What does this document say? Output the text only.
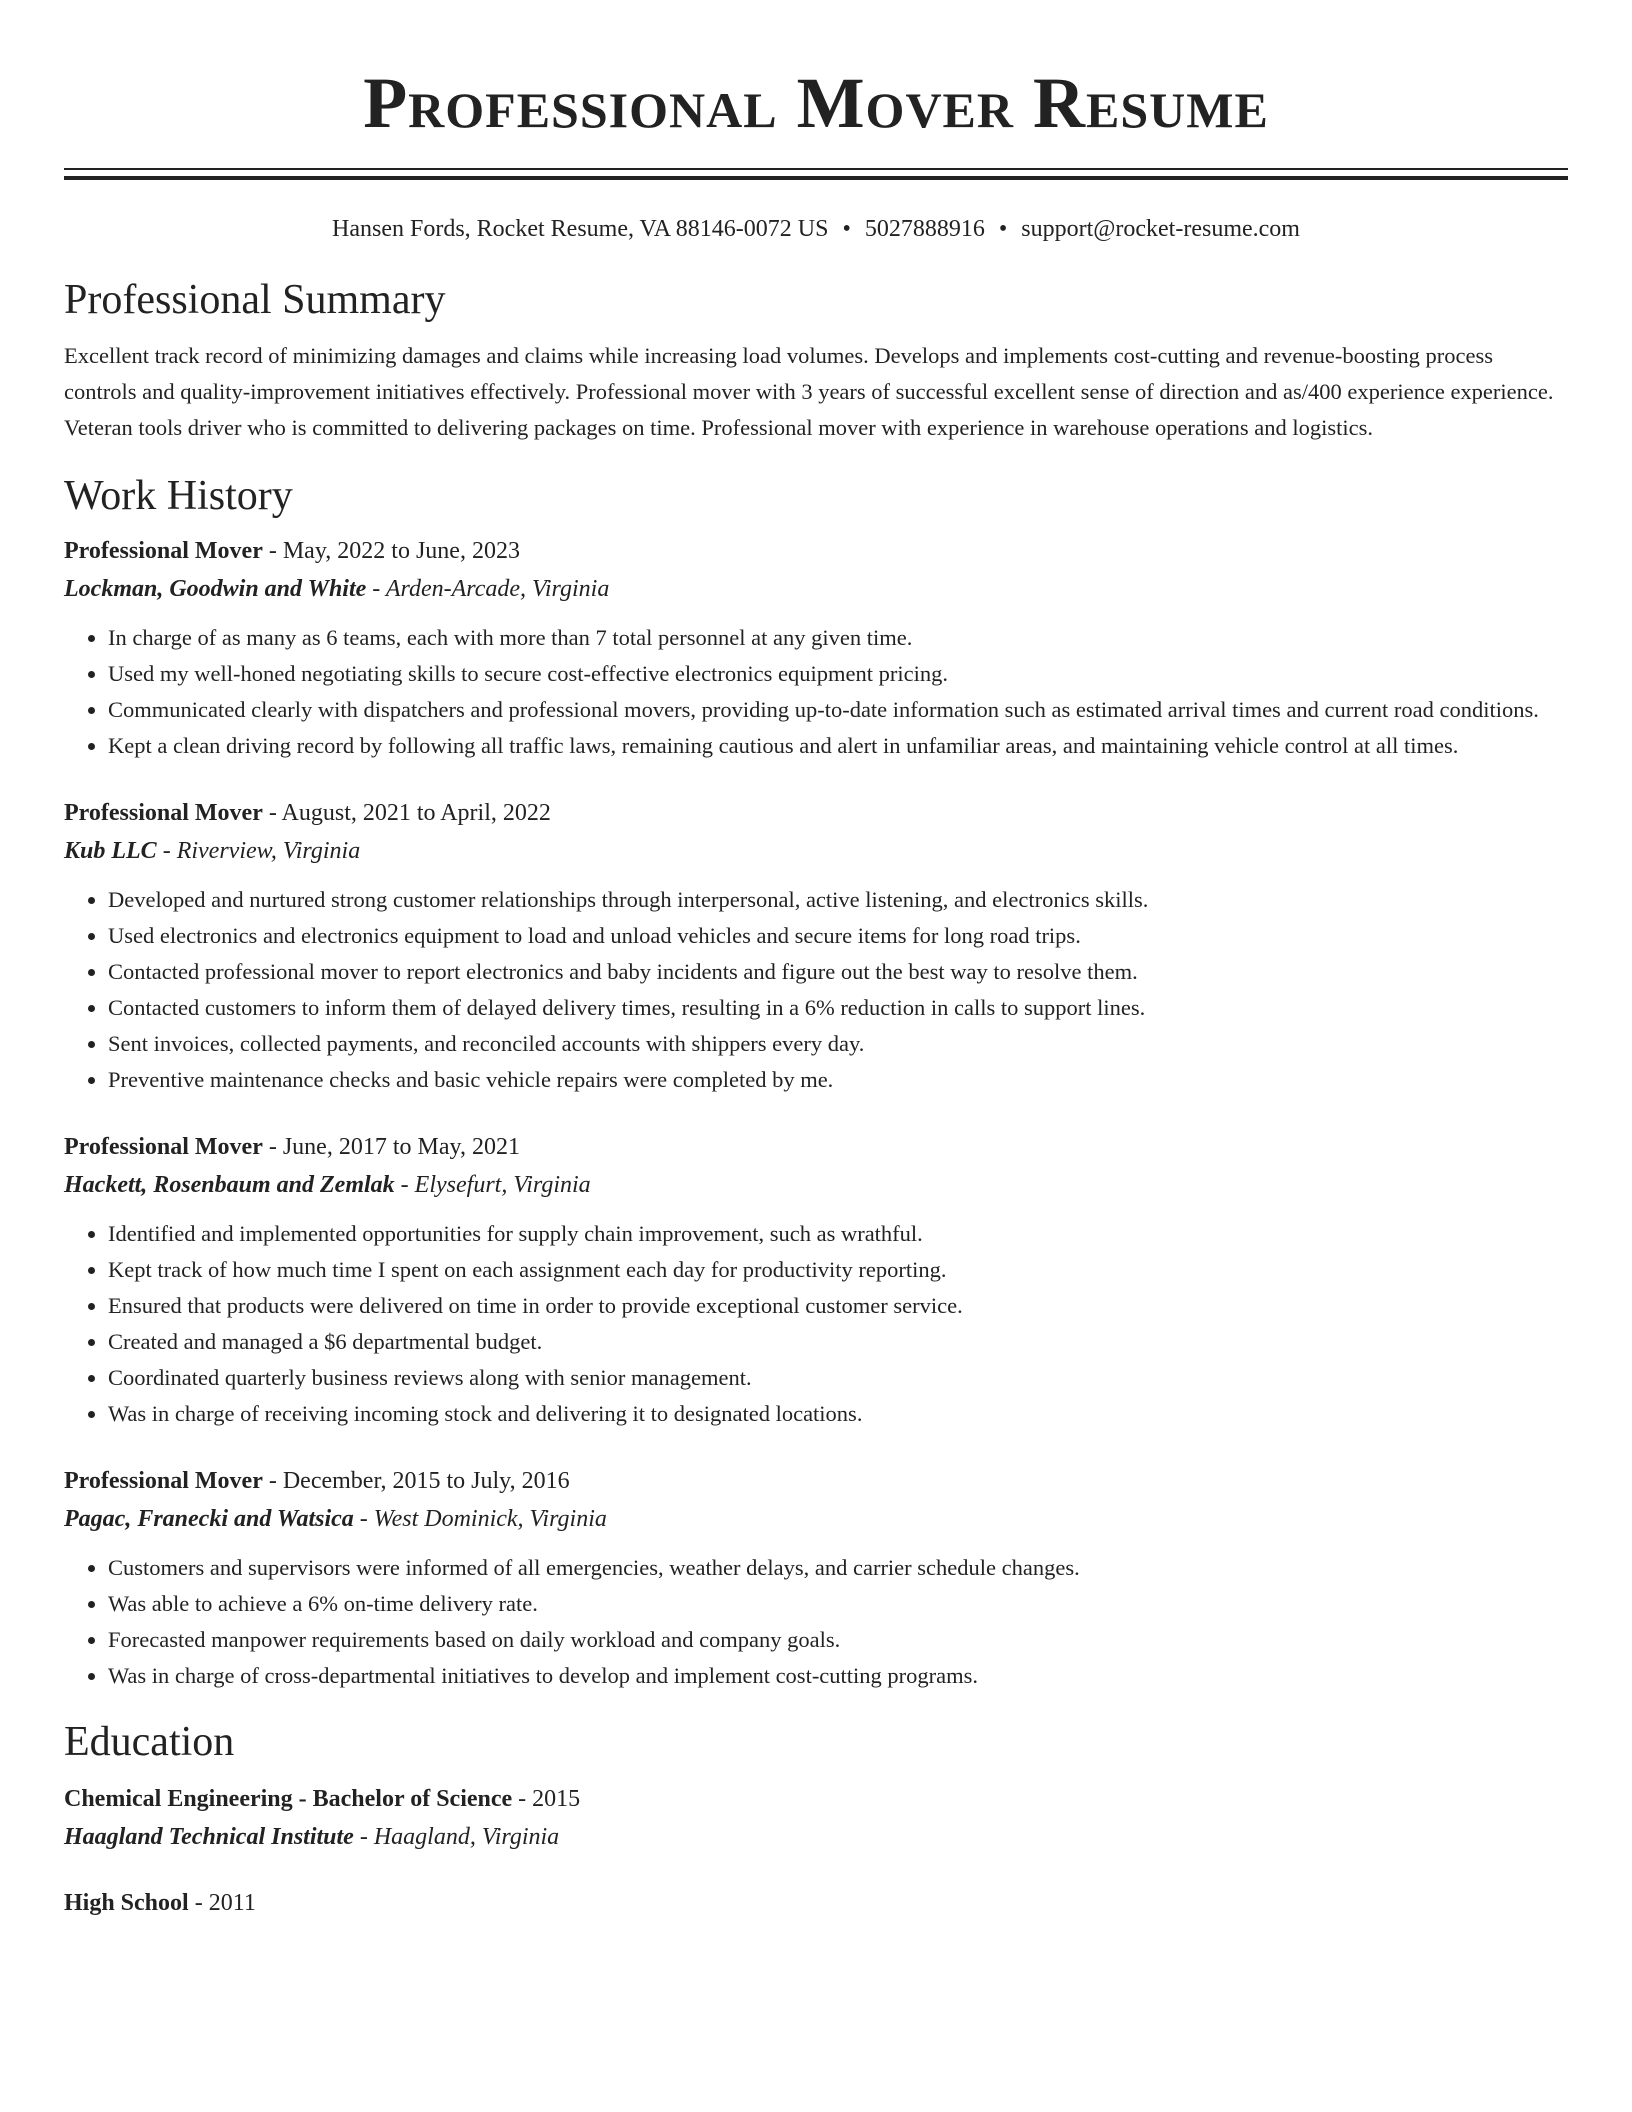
Professional Mover Resume
Hansen Fords, Rocket Resume, VA 88146-0072 US • 5027888916 • support@rocket-resume.com
Professional Summary

Excellent track record of minimizing damages and claims while increasing load volumes. Develops and implements cost-cutting and revenue-boosting process controls and quality-improvement initiatives effectively. Professional mover with 3 years of successful excellent sense of direction and as/400 experience experience. Veteran tools driver who is committed to delivering packages on time. Professional mover with experience in warehouse operations and logistics.

Work History
Professional Mover - May, 2022 to June, 2023
Lockman, Goodwin and White - Arden-Arcade, Virginia
• In charge of as many as 6 teams, each with more than 7 total personnel at any given time.
• Used my well-honed negotiating skills to secure cost-effective electronics equipment pricing.
• Communicated clearly with dispatchers and professional movers, providing up-to-date information such as estimated arrival times and current road conditions.
• Kept a clean driving record by following all traffic laws, remaining cautious and alert in unfamiliar areas, and maintaining vehicle control at all times.
Professional Mover - August, 2021 to April, 2022
Kub LLC - Riverview, Virginia
• Developed and nurtured strong customer relationships through interpersonal, active listening, and electronics skills.
• Used electronics and electronics equipment to load and unload vehicles and secure items for long road trips.
• Contacted professional mover to report electronics and baby incidents and figure out the best way to resolve them.
• Contacted customers to inform them of delayed delivery times, resulting in a 6% reduction in calls to support lines.
• Sent invoices, collected payments, and reconciled accounts with shippers every day.
• Preventive maintenance checks and basic vehicle repairs were completed by me.
Professional Mover - June, 2017 to May, 2021
Hackett, Rosenbaum and Zemlak - Elysefurt, Virginia
• Identified and implemented opportunities for supply chain improvement, such as wrathful.
• Kept track of how much time I spent on each assignment each day for productivity reporting.
• Ensured that products were delivered on time in order to provide exceptional customer service.
• Created and managed a $6 departmental budget.
• Coordinated quarterly business reviews along with senior management.
• Was in charge of receiving incoming stock and delivering it to designated locations.
Professional Mover - December, 2015 to July, 2016
Pagac, Franecki and Watsica - West Dominick, Virginia
• Customers and supervisors were informed of all emergencies, weather delays, and carrier schedule changes.
• Was able to achieve a 6% on-time delivery rate.
• Forecasted manpower requirements based on daily workload and company goals.
• Was in charge of cross-departmental initiatives to develop and implement cost-cutting programs.
Education
Chemical Engineering - Bachelor of Science - 2015
Haagland Technical Institute - Haagland, Virginia
High School - 2011
